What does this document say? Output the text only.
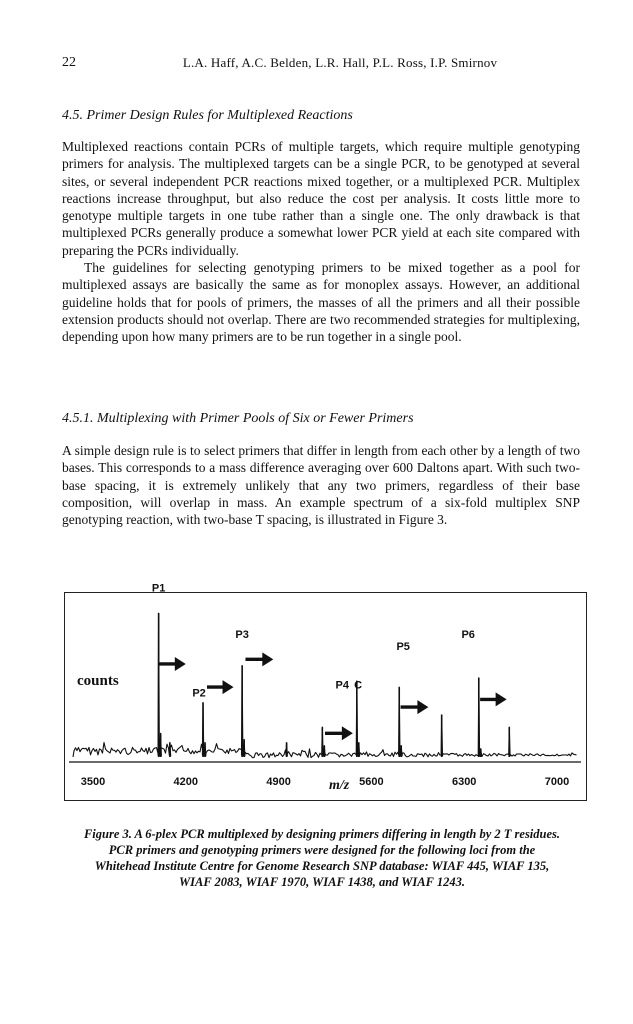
22	L.A. Haff, A.C. Belden, L.R. Hall, P.L. Ross, I.P. Smirnov
4.5. Primer Design Rules for Multiplexed Reactions

Multiplexed reactions contain PCRs of multiple targets, which require multiple genotyping primers for analysis. The multiplexed targets can be a single PCR, to be genotyped at several sites, or several independent PCR reactions mixed together, or a multiplexed PCR. Multiplex reactions increase throughput, but also reduce the cost per analysis. It costs little more to genotype multiple targets in one tube rather than a single one. The only drawback is that multiplexed PCRs generally produce a somewhat lower PCR yield at each site compared with preparing the PCRs individually.

The guidelines for selecting genotyping primers to be mixed together as a pool for multiplexed assays are basically the same as for monoplex assays. However, an additional guideline holds that for pools of primers, the masses of all the primers and all their possible extension products should not overlap. There are two recommended strategies for multiplexing, depending upon how many primers are to be run together in a single pool.

4.5.1. Multiplexing with Primer Pools of Six or Fewer Primers

A simple design rule is to select primers that differ in length from each other by a length of two bases. This corresponds to a mass difference averaging over 600 Daltons apart. With such two-base spacing, it is extremely unlikely that any two primers, regardless of their base composition, will overlap in mass. An example spectrum of a six-fold multiplex SNP genotyping reaction, with two-base T spacing, is illustrated in Figure 3.

3500	4200	4900	5600	6300	7000
P1
P2
P3
P4 C
P5
P6
counts
m/z

Figure 3. A 6-plex PCR multiplexed by designing primers differing in length by 2 T residues.

PCR primers and genotyping primers were designed for the following loci from the

Whitehead Institute Centre for Genome Research SNP database: WIAF 445, WIAF 135,

WIAF 2083, WIAF 1970, WIAF 1438, and WIAF 1243.
